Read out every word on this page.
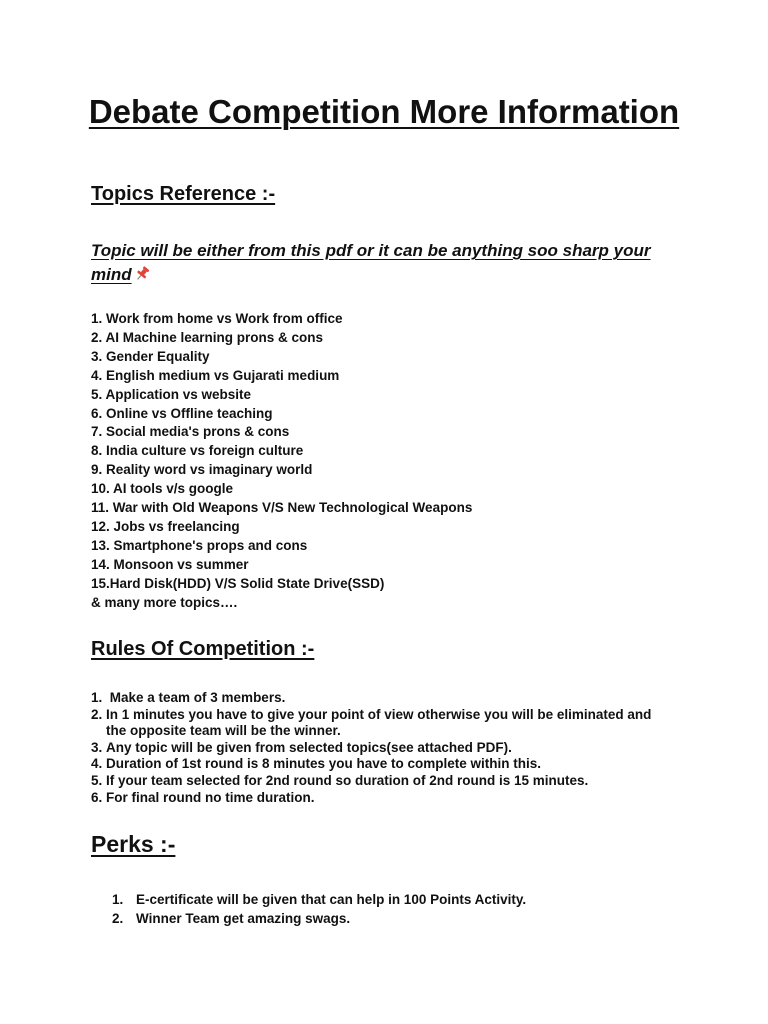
Debate Competition More Information
Topics Reference :-

Topic will be either from this pdf or it can be anything soo sharp your mind

1. Work from home vs Work from office
2. AI Machine learning prons & cons
3. Gender Equality
4. English medium vs Gujarati medium
5. Application vs website
6. Online vs Offline teaching
7. Social media's prons & cons
8. India culture vs foreign culture
9. Reality word vs imaginary world
10. AI tools v/s google
11. War with Old Weapons V/S New Technological Weapons
12. Jobs vs freelancing
13. Smartphone's props and cons
14. Monsoon vs summer
15.Hard Disk(HDD) V/S Solid State Drive(SSD)
& many more topics….
Rules Of Competition :-
1. Make a team of 3 members.
2. In 1 minutes you have to give your point of view otherwise you will be eliminated and
the opposite team will be the winner.
3. Any topic will be given from selected topics(see attached PDF).
4. Duration of 1st round is 8 minutes you have to complete within this.
5. If your team selected for 2nd round so duration of 2nd round is 15 minutes.
6. For final round no time duration.
Perks :-
1. E-certificate will be given that can help in 100 Points Activity.
2. Winner Team get amazing swags.
